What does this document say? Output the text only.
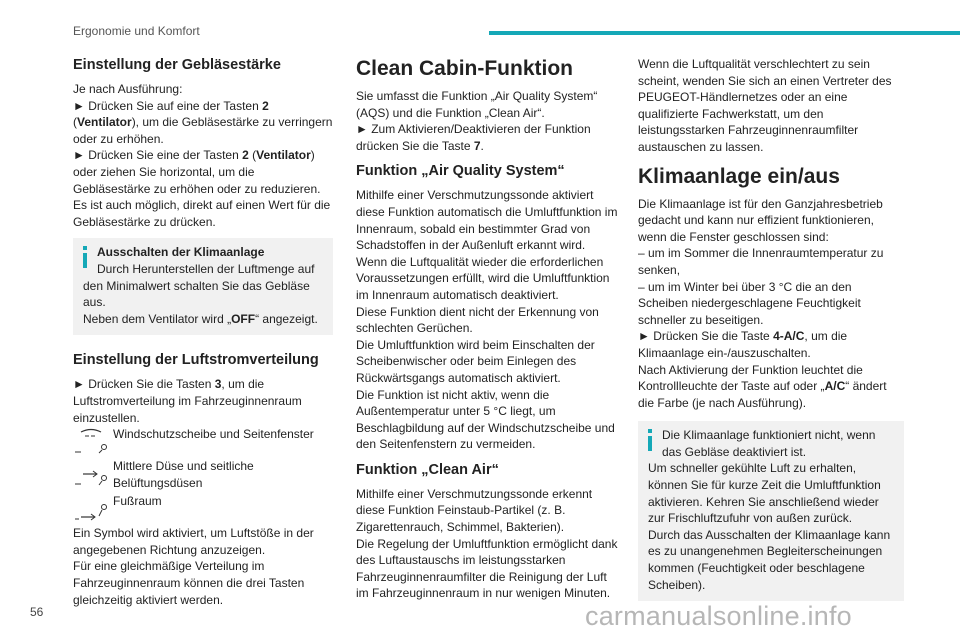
Ergonomie und Komfort
Einstellung der Gebläsestärke

Je nach Ausführung:

► Drücken Sie auf eine der Tasten 2 (Ventilator), um die Gebläsestärke zu verringern oder zu erhöhen.

► Drücken Sie eine der Tasten 2 (Ventilator) oder ziehen Sie horizontal, um die Gebläsestärke zu erhöhen oder zu reduzieren.

Es ist auch möglich, direkt auf einen Wert für die Gebläsestärke zu drücken.

Ausschalten der Klimaanlage

Durch Herunterstellen der Luftmenge auf den Minimalwert schalten Sie das Gebläse aus.

Neben dem Ventilator wird „OFF“ angezeigt.

Einstellung der Luftstromverteilung

► Drücken Sie die Tasten 3, um die Luftstromverteilung im Fahrzeuginnenraum einzustellen.

Windschutzscheibe und Seitenfenster
Mittlere Düse und seitliche Belüftungsdüsen
Fußraum

Ein Symbol wird aktiviert, um Luftstöße in der angegebenen Richtung anzuzeigen.

Für eine gleichmäßige Verteilung im Fahrzeuginnenraum können die drei Tasten gleichzeitig aktiviert werden.

Clean Cabin-Funktion

Sie umfasst die Funktion „Air Quality System“ (AQS) und die Funktion „Clean Air“.

► Zum Aktivieren/Deaktivieren der Funktion drücken Sie die Taste 7.

Funktion „Air Quality System“

Mithilfe einer Verschmutzungssonde aktiviert diese Funktion automatisch die Umluftfunktion im Innenraum, sobald ein bestimmter Grad von Schadstoffen in der Außenluft erkannt wird.

Wenn die Luftqualität wieder die erforderlichen Voraussetzungen erfüllt, wird die Umluftfunktion im Innenraum automatisch deaktiviert.

Diese Funktion dient nicht der Erkennung von schlechten Gerüchen.

Die Umluftfunktion wird beim Einschalten der Scheibenwischer oder beim Einlegen des Rückwärtsgangs automatisch aktiviert.

Die Funktion ist nicht aktiv, wenn die Außentemperatur unter 5 °C liegt, um Beschlagbildung auf der Windschutzscheibe und den Seitenfenstern zu vermeiden.

Funktion „Clean Air“

Mithilfe einer Verschmutzungssonde erkennt diese Funktion Feinstaub-Partikel (z. B. Zigarettenrauch, Schimmel, Bakterien).

Die Regelung der Umluftfunktion ermöglicht dank des Luftaustauschs im leistungsstarken Fahrzeuginnenraumfilter die Reinigung der Luft im Fahrzeuginnenraum in nur wenigen Minuten.

Wenn die Luftqualität verschlechtert zu sein scheint, wenden Sie sich an einen Vertreter des PEUGEOT-Händlernetzes oder an eine qualifizierte Fachwerkstatt, um den leistungsstarken Fahrzeuginnenraumfilter austauschen zu lassen.

Klimaanlage ein/aus

Die Klimaanlage ist für den Ganzjahresbetrieb gedacht und kann nur effizient funktionieren, wenn die Fenster geschlossen sind:

– um im Sommer die Innenraumtemperatur zu senken,

– um im Winter bei über 3 °C die an den Scheiben niedergeschlagene Feuchtigkeit schneller zu beseitigen.

► Drücken Sie die Taste 4-A/C, um die Klimaanlage ein-/auszuschalten.

Nach Aktivierung der Funktion leuchtet die Kontrollleuchte der Taste auf oder „A/C“ ändert die Farbe (je nach Ausführung).

Die Klimaanlage funktioniert nicht, wenn das Gebläse deaktiviert ist.

Um schneller gekühlte Luft zu erhalten, können Sie für kurze Zeit die Umluftfunktion aktivieren. Kehren Sie anschließend wieder zur Frischluftzufuhr von außen zurück.

Durch das Ausschalten der Klimaanlage kann es zu unangenehmen Begleiterscheinungen kommen (Feuchtigkeit oder beschlagene Scheiben).

56	carmanualsonline.info
